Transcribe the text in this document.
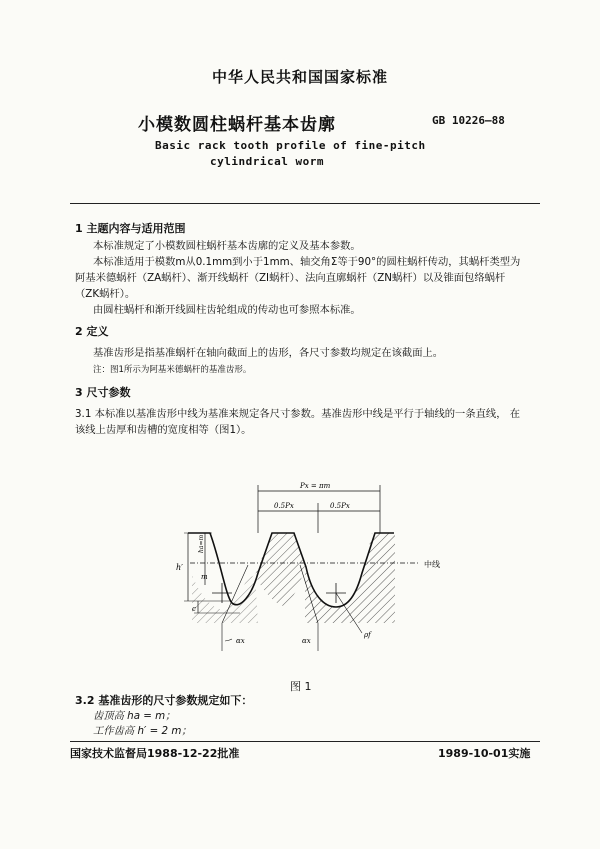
中华人民共和国国家标准
小模数圆柱蜗杆基本齿廓	GB 10226—88
Basic rack tooth profile of fine-pitch
cylindrical worm
1 主题内容与适用范围
本标准规定了小模数圆柱蜗杆基本齿廓的定义及基本参数。
本标准适用于模数m从0.1mm到小于1mm、轴交角Σ等于90°的圆柱蜗杆传动，其蜗杆类型为
阿基米德蜗杆（ZA蜗杆）、渐开线蜗杆（ZI蜗杆）、法向直廓蜗杆（ZN蜗杆）以及锥面包络蜗杆
（ZK蜗杆）。
由圆柱蜗杆和渐开线圆柱齿轮组成的传动也可参照本标准。
2 定义
基准齿形是指基准蜗杆在轴向截面上的齿形，各尺寸参数均规定在该截面上。
注：图1所示为阿基米德蜗杆的基准齿形。
3 尺寸参数
3.1 本标准以基准齿形中线为基准来规定各尺寸参数。基准齿形中线是平行于轴线的一条直线， 在
该线上齿厚和齿槽的宽度相等（图1）。
中线
h′
ha=m
m
c
Px = πm
0.5Px	0.5Px
αx	αx
ρf
图 1
3.2 基准齿形的尺寸参数规定如下：
齿顶高 ha = m；
工作齿高 h′ = 2 m；
国家技术监督局1988-12-22批准	1989-10-01实施
